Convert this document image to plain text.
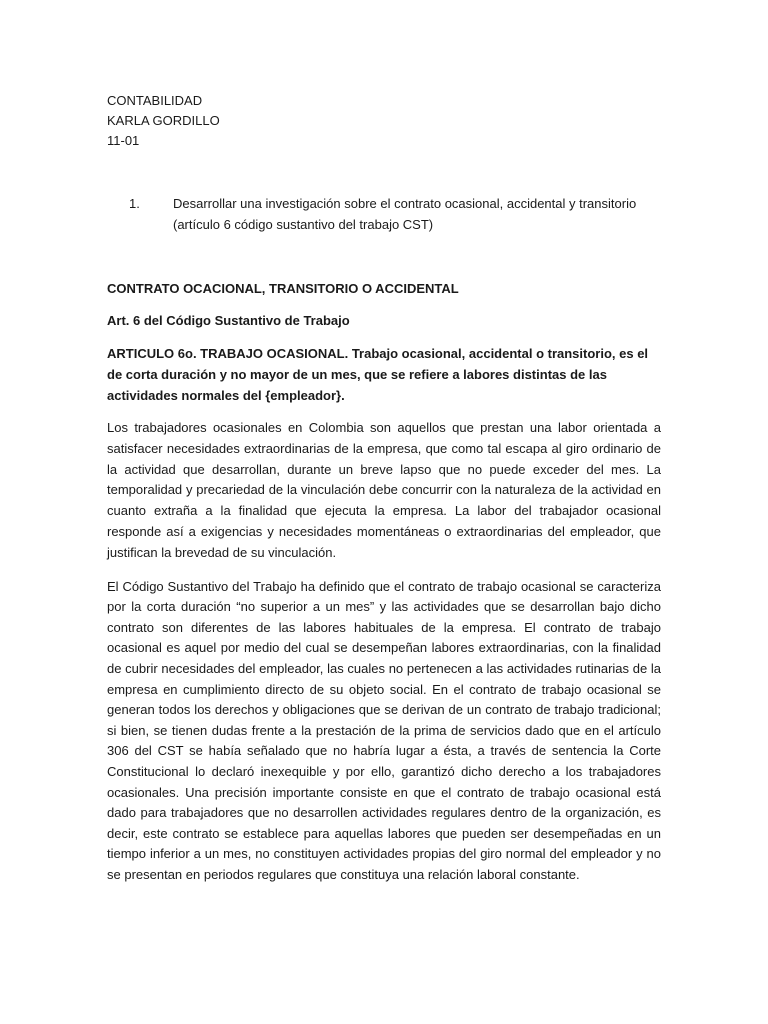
CONTABILIDAD

KARLA GORDILLO

11-01

1.	Desarrollar una investigación sobre el contrato ocasional, accidental y transitorio (artículo 6 código sustantivo del trabajo CST)
CONTRATO OCACIONAL, TRANSITORIO O ACCIDENTAL
Art. 6 del Código Sustantivo de Trabajo
ARTICULO 6o. TRABAJO OCASIONAL. Trabajo ocasional, accidental o transitorio, es el de corta duración y no mayor de un mes, que se refiere a labores distintas de las actividades normales del {empleador}.

Los trabajadores ocasionales en Colombia son aquellos que prestan una labor orientada a satisfacer necesidades extraordinarias de la empresa, que como tal escapa al giro ordinario de la actividad que desarrollan, durante un breve lapso que no puede exceder del mes. La temporalidad y precariedad de la vinculación debe concurrir con la naturaleza de la actividad en cuanto extraña a la finalidad que ejecuta la empresa. La labor del trabajador ocasional responde así a exigencias y necesidades momentáneas o extraordinarias del empleador, que justifican la brevedad de su vinculación.

El Código Sustantivo del Trabajo ha definido que el contrato de trabajo ocasional se caracteriza por la corta duración “no superior a un mes” y las actividades que se desarrollan bajo dicho contrato son diferentes de las labores habituales de la empresa. El contrato de trabajo ocasional es aquel por medio del cual se desempeñan labores extraordinarias, con la finalidad de cubrir necesidades del empleador, las cuales no pertenecen a las actividades rutinarias de la empresa en cumplimiento directo de su objeto social. En el contrato de trabajo ocasional se generan todos los derechos y obligaciones que se derivan de un contrato de trabajo tradicional; si bien, se tienen dudas frente a la prestación de la prima de servicios dado que en el artículo 306 del CST se había señalado que no habría lugar a ésta, a través de sentencia la Corte Constitucional lo declaró inexequible y por ello, garantizó dicho derecho a los trabajadores ocasionales. Una precisión importante consiste en que el contrato de trabajo ocasional está dado para trabajadores que no desarrollen actividades regulares dentro de la organización, es decir, este contrato se establece para aquellas labores que pueden ser desempeñadas en un tiempo inferior a un mes, no constituyen actividades propias del giro normal del empleador y no se presentan en periodos regulares que constituya una relación laboral constante.
